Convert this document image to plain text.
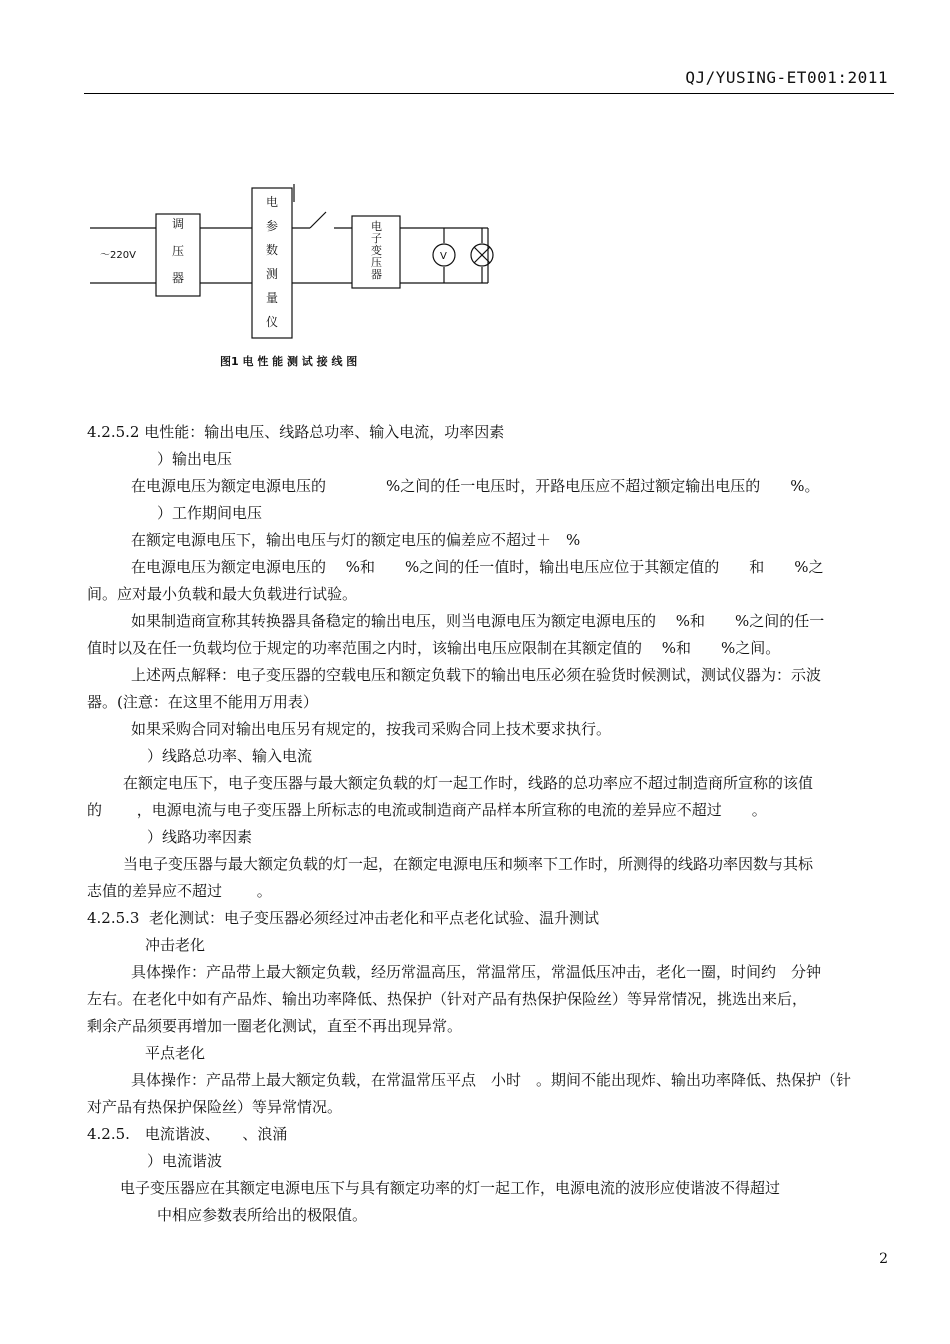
QJ/YUSING-ET001:2011
～220V
调
压
器
电
参
数
测
量
仪
电
子
变
压
器
V
图1 电 性 能 测 试 接 线 图

4.2.5.2 电性能：输出电压、线路总功率、输入电流，功率因素

）输出电压

在电源电压为额定电源电压的　　　　%之间的任一电压时，开路电压应不超过额定输出电压的　　%。

）工作期间电压

在额定电源电压下，输出电压与灯的额定电压的偏差应不超过＋　%

在电源电压为额定电源电压的　 %和　　%之间的任一值时，输出电压应位于其额定值的　　和　　%之

间。应对最小负载和最大负载进行试验。

如果制造商宣称其转换器具备稳定的输出电压，则当电源电压为额定电源电压的　 %和　　%之间的任一

值时以及在任一负载均位于规定的功率范围之内时，该输出电压应限制在其额定值的　 %和　　%之间。

上述两点解释：电子变压器的空载电压和额定负载下的输出电压必须在验货时候测试，测试仪器为：示波

器。(注意：在这里不能用万用表）

如果采购合同对输出电压另有规定的，按我司采购合同上技术要求执行。

）线路总功率、输入电流

在额定电压下，电子变压器与最大额定负载的灯一起工作时，线路的总功率应不超过制造商所宣称的该值

的　　 ，电源电流与电子变压器上所标志的电流或制造商产品样本所宣称的电流的差异应不超过　　。

）线路功率因素

当电子变压器与最大额定负载的灯一起，在额定电源电压和频率下工作时，所测得的线路功率因数与其标

志值的差异应不超过　　 。

4.2.5.3  老化测试：电子变压器必须经过冲击老化和平点老化试验、温升测试

冲击老化

具体操作：产品带上最大额定负载，经历常温高压，常温常压，常温低压冲击，老化一圈，时间约　分钟

左右。在老化中如有产品炸、输出功率降低、热保护（针对产品有热保护保险丝）等异常情况，挑选出来后，

剩余产品须要再增加一圈老化测试，直至不再出现异常。

平点老化

具体操作：产品带上最大额定负载，在常温常压平点　小时　。期间不能出现炸、输出功率降低、热保护（针

对产品有热保护保险丝）等异常情况。

4.2.5.　电流谐波、　　、浪涌

）电流谐波

电子变压器应在其额定电源电压下与具有额定功率的灯一起工作，电源电流的波形应使谐波不得超过

中相应参数表所给出的极限值。

2
